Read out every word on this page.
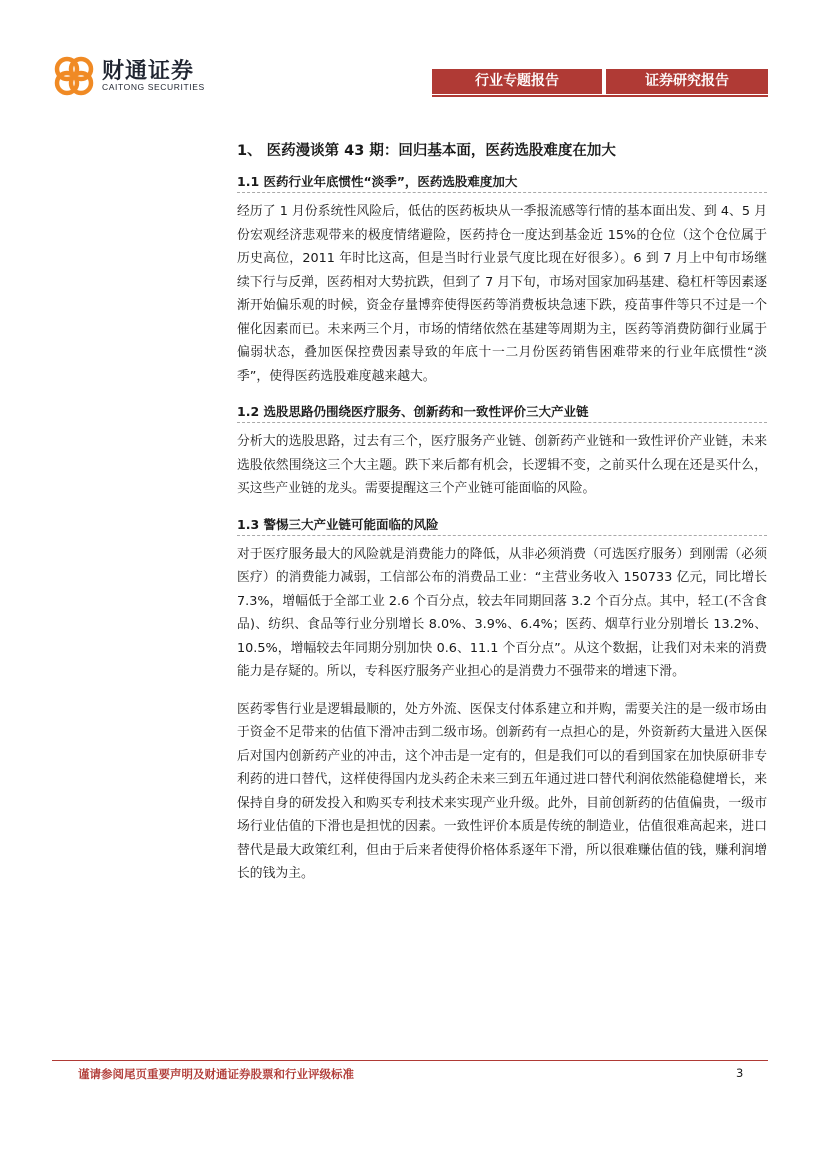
财通证券
CAITONG SECURITIES	行业专题报告	证券研究报告
1、 医药漫谈第 43 期：回归基本面，医药选股难度在加大
1.1 医药行业年底惯性“淡季”，医药选股难度加大

经历了 1 月份系统性风险后，低估的医药板块从一季报流感等行情的基本面出发、到 4、5 月份宏观经济悲观带来的极度情绪避险，医药持仓一度达到基金近 15%的仓位（这个仓位属于历史高位，2011 年时比这高，但是当时行业景气度比现在好很多）。6 到 7 月上中旬市场继续下行与反弹，医药相对大势抗跌，但到了 7 月下旬，市场对国家加码基建、稳杠杆等因素逐渐开始偏乐观的时候，资金存量博弈使得医药等消费板块急速下跌，疫苗事件等只不过是一个催化因素而已。未来两三个月，市场的情绪依然在基建等周期为主，医药等消费防御行业属于偏弱状态，叠加医保控费因素导致的年底十一二月份医药销售困难带来的行业年底惯性“淡季”，使得医药选股难度越来越大。

1.2 选股思路仍围绕医疗服务、创新药和一致性评价三大产业链

分析大的选股思路，过去有三个，医疗服务产业链、创新药产业链和一致性评价产业链，未来选股依然围绕这三个大主题。跌下来后都有机会，长逻辑不变，之前买什么现在还是买什么，买这些产业链的龙头。需要提醒这三个产业链可能面临的风险。

1.3 警惕三大产业链可能面临的风险

对于医疗服务最大的风险就是消费能力的降低，从非必须消费（可选医疗服务）到刚需（必须医疗）的消费能力减弱，工信部公布的消费品工业：“主营业务收入 150733 亿元，同比增长 7.3%，增幅低于全部工业 2.6 个百分点，较去年同期回落 3.2 个百分点。其中，轻工(不含食品)、纺织、食品等行业分别增长 8.0%、3.9%、6.4%；医药、烟草行业分别增长 13.2%、10.5%，增幅较去年同期分别加快 0.6、11.1 个百分点”。从这个数据，让我们对未来的消费能力是存疑的。所以，专科医疗服务产业担心的是消费力不强带来的增速下滑。

医药零售行业是逻辑最顺的，处方外流、医保支付体系建立和并购，需要关注的是一级市场由于资金不足带来的估值下滑冲击到二级市场。创新药有一点担心的是，外资新药大量进入医保后对国内创新药产业的冲击，这个冲击是一定有的，但是我们可以的看到国家在加快原研非专利药的进口替代，这样使得国内龙头药企未来三到五年通过进口替代利润依然能稳健增长，来保持自身的研发投入和购买专利技术来实现产业升级。此外，目前创新药的估值偏贵，一级市场行业估值的下滑也是担忧的因素。一致性评价本质是传统的制造业，估值很难高起来，进口替代是最大政策红利，但由于后来者使得价格体系逐年下滑，所以很难赚估值的钱，赚利润增长的钱为主。

谨请参阅尾页重要声明及财通证券股票和行业评级标准	3
